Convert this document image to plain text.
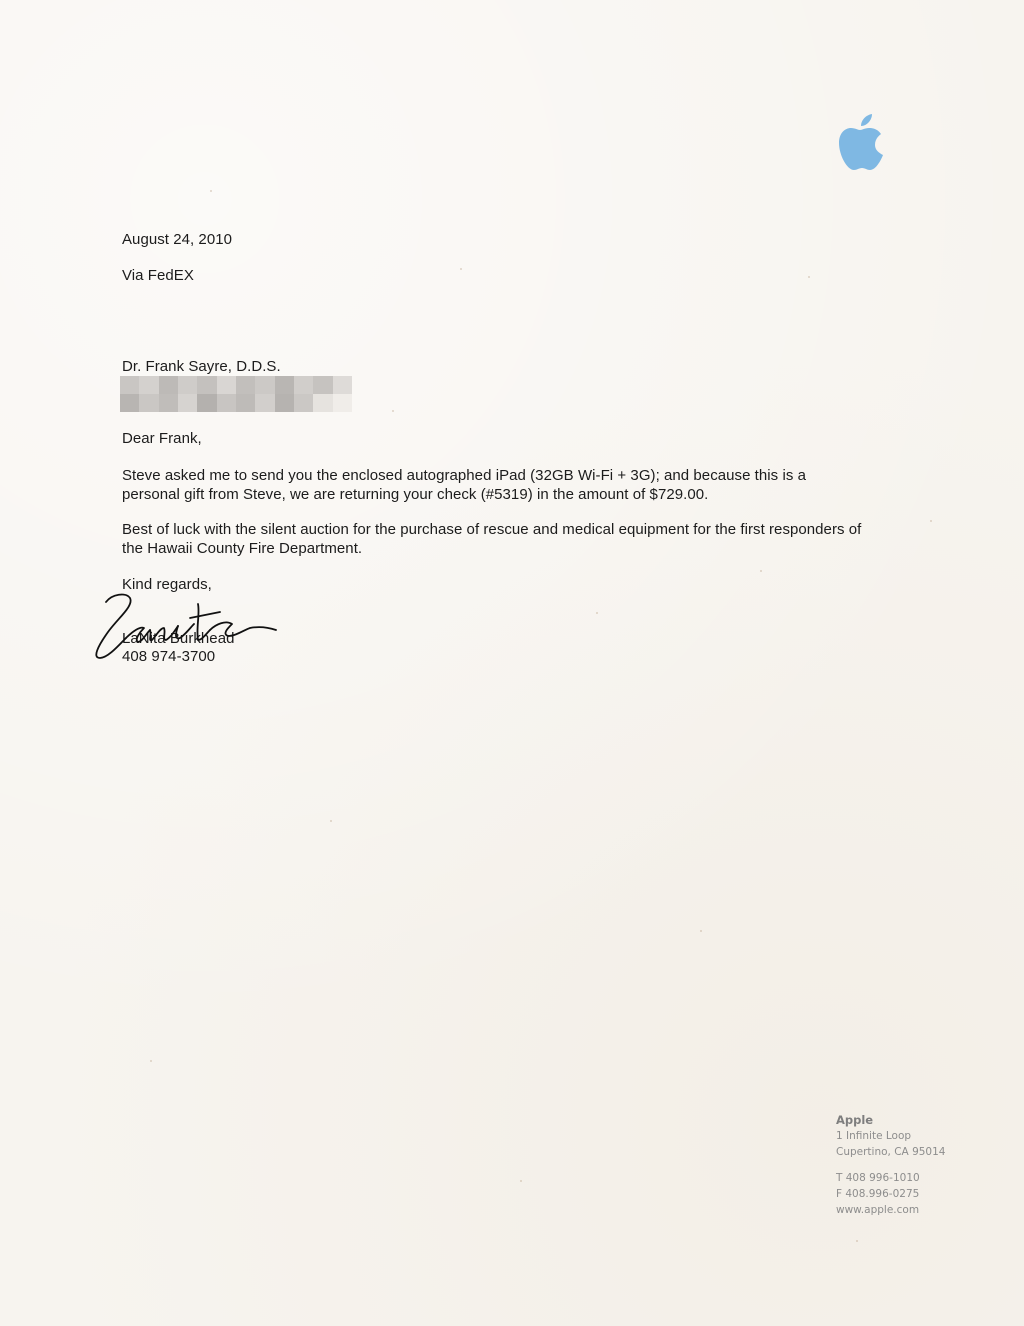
August 24, 2010
Via FedEX
Dr. Frank Sayre, D.D.S.
Dear Frank,
Steve asked me to send you the enclosed autographed iPad (32GB Wi-Fi + 3G); and because this is a
personal gift from Steve, we are returning your check (#5319) in the amount of $729.00.
Best of luck with the silent auction for the purchase of rescue and medical equipment for the first responders of
the Hawaii County Fire Department.
Kind regards,
LaNita Burkhead
408 974-3700
Apple
1 Infinite Loop
Cupertino, CA 95014
T 408 996-1010
F 408.996-0275
www.apple.com
